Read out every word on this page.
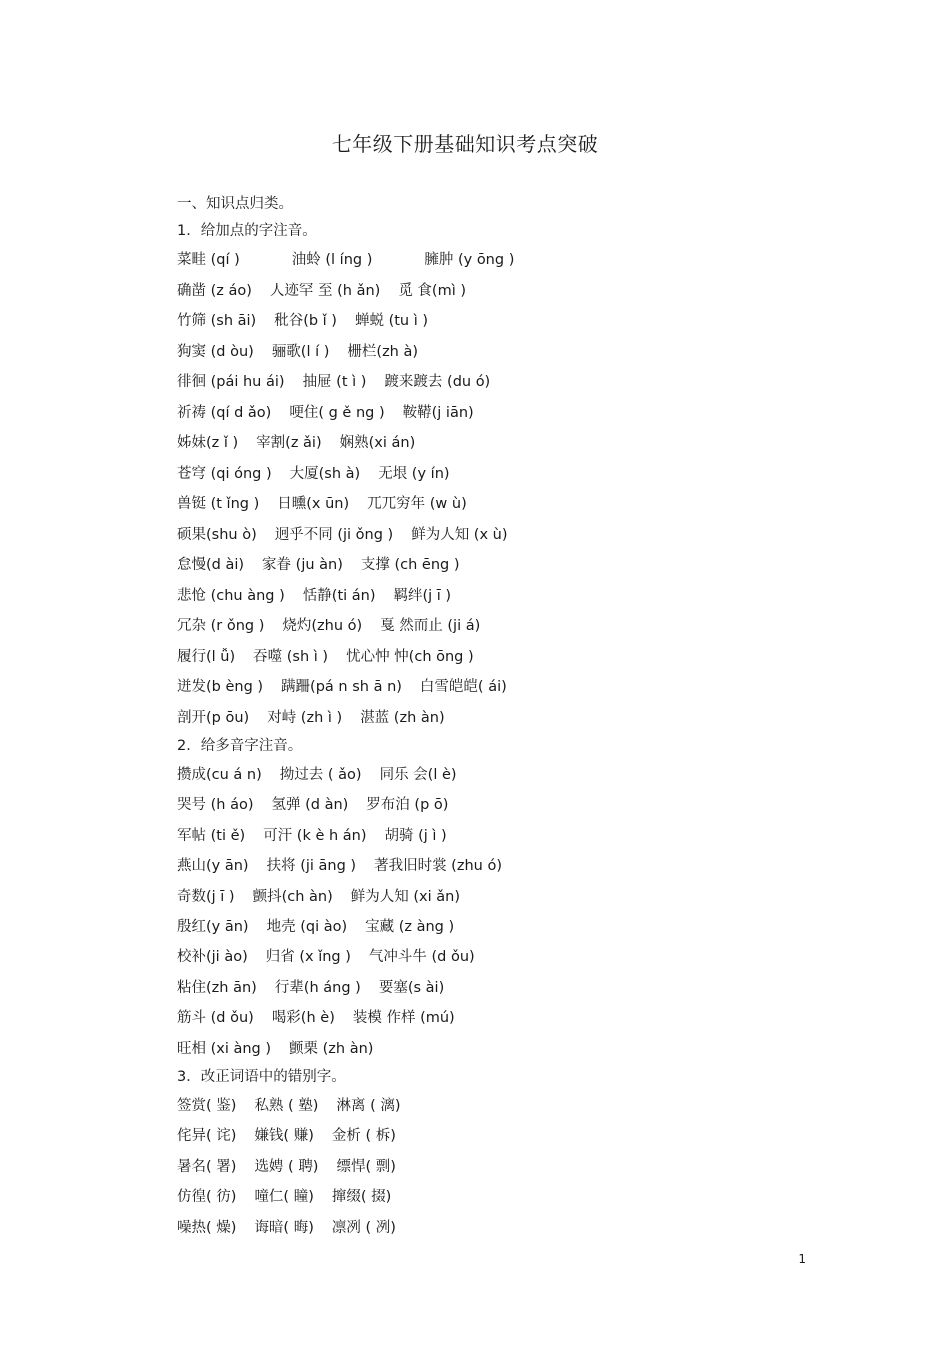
七年级下册基础知识考点突破
一、知识点归类。
1．给加点的字注音。
菜畦 (qí )	油蛉 (l íng )	臃肿 (y ōng )
确凿 (z áo) 人迹罕 至 (h ǎn) 觅 食(mì )
竹筛 (sh āi) 秕谷(b ǐ ) 蝉蜕 (tu ì )
狗窦 (d òu) 骊歌(l í ) 栅栏(zh à)
徘徊 (pái hu ái) 抽屉 (t ì ) 踱来踱去 (du ó)
祈祷 (qí d ǎo) 哽住( g ě ng ) 鞍鞯(j iān)
姊妹(z ǐ ) 宰割(z ǎi) 娴熟(xi án)
苍穹 (qi óng ) 大厦(sh à) 无垠 (y ín)
兽铤 (t ǐng ) 日曛(x ūn) 兀兀穷年 (w ù)
硕果(shu ò) 迥乎不同 (ji ǒng ) 鲜为人知 (x ù)
怠慢(d ài) 家眷 (ju àn) 支撑 (ch ēng )
悲怆 (chu àng ) 恬静(ti án) 羁绊(j ī )
冗杂 (r ǒng ) 烧灼(zhu ó) 戛 然而止 (ji á)
履行(l ǚ) 吞噬 (sh ì ) 忧心忡 忡(ch ōng )
迸发(b èng ) 蹒跚(pá n sh ā n) 白雪皑皑( ái)
剖开(p ōu) 对峙 (zh ì ) 湛蓝 (zh àn)
2．给多音字注音。
攒成(cu á n) 拗过去 ( ǎo) 同乐 会(l è)
哭号 (h áo) 氢弹 (d àn) 罗布泊 (p ō)
军帖 (ti ě) 可汗 (k è h án) 胡骑 (j ì )
燕山(y ān) 扶将 (ji āng ) 著我旧时裳 (zhu ó)
奇数(j ī ) 颤抖(ch àn) 鲜为人知 (xi ǎn)
殷红(y ān) 地壳 (qi ào) 宝藏 (z àng )
校补(ji ào) 归省 (x ǐng ) 气冲斗牛 (d ǒu)
粘住(zh ān) 行辈(h áng ) 要塞(s ài)
筋斗 (d ǒu) 喝彩(h è) 装模 作样 (mú)
旺相 (xi àng ) 颤栗 (zh àn)
3．改正词语中的错别字。
签赏( 鉴) 私熟 ( 塾) 淋离 ( 漓)
侘异( 诧) 嫌钱( 赚) 金析 ( 柝)
暑名( 署) 选娉 ( 聘) 缥悍( 剽)
仿徨( 彷) 噇仁( 瞳) 撺缀( 掇)
噪热( 燥) 诲暗( 晦) 凛冽 ( 冽)
1
